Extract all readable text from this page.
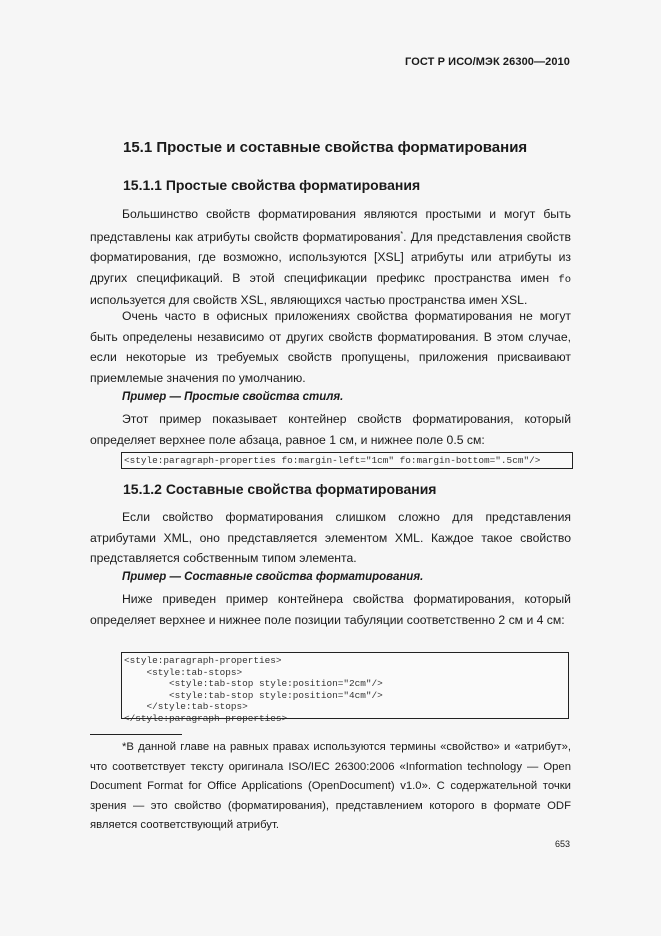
ГОСТ Р ИСО/МЭК 26300—2010
15.1 Простые и составные свойства форматирования
15.1.1 Простые свойства форматирования
Большинство свойств форматирования являются простыми и могут быть представлены как атрибуты свойств форматирования*. Для представления свойств форматирования, где возможно, используются [XSL] атрибуты или атрибуты из других спецификаций. В этой спецификации префикс пространства имен fo используется для свойств XSL, являющихся частью пространства имен XSL.
Очень часто в офисных приложениях свойства форматирования не могут быть определены независимо от других свойств форматирования. В этом случае, если некоторые из требуемых свойств пропущены, приложения присваивают приемлемые значения по умолчанию.
Пример — Простые свойства стиля.
Этот пример показывает контейнер свойств форматирования, который определяет верхнее поле абзаца, равное 1 см, и нижнее поле 0.5 см:
<style:paragraph-properties fo:margin-left="1cm" fo:margin-bottom=".5cm"/>
15.1.2 Составные свойства форматирования
Если свойство форматирования слишком сложно для представления атрибутами XML, оно представляется элементом XML. Каждое такое свойство представляется собственным типом элемента.
Пример — Составные свойства форматирования.
Ниже приведен пример контейнера свойства форматирования, который определяет верхнее и нижнее поле позиции табуляции соответственно 2 см и 4 см:
<style:paragraph-properties>
<style:tab-stops>
<style:tab-stop style:position="2cm"/>
<style:tab-stop style:position="4cm"/>
</style:tab-stops>
</style:paragraph-properties>
*В данной главе на равных правах используются термины «свойство» и «атрибут», что соответствует тексту оригинала ISO/IEC 26300:2006 «Information technology — Open Document Format for Office Applications (OpenDocument) v1.0». С содержательной точки зрения — это свойство (форматирования), представлением которого в формате ODF является соответствующий атрибут.
653
